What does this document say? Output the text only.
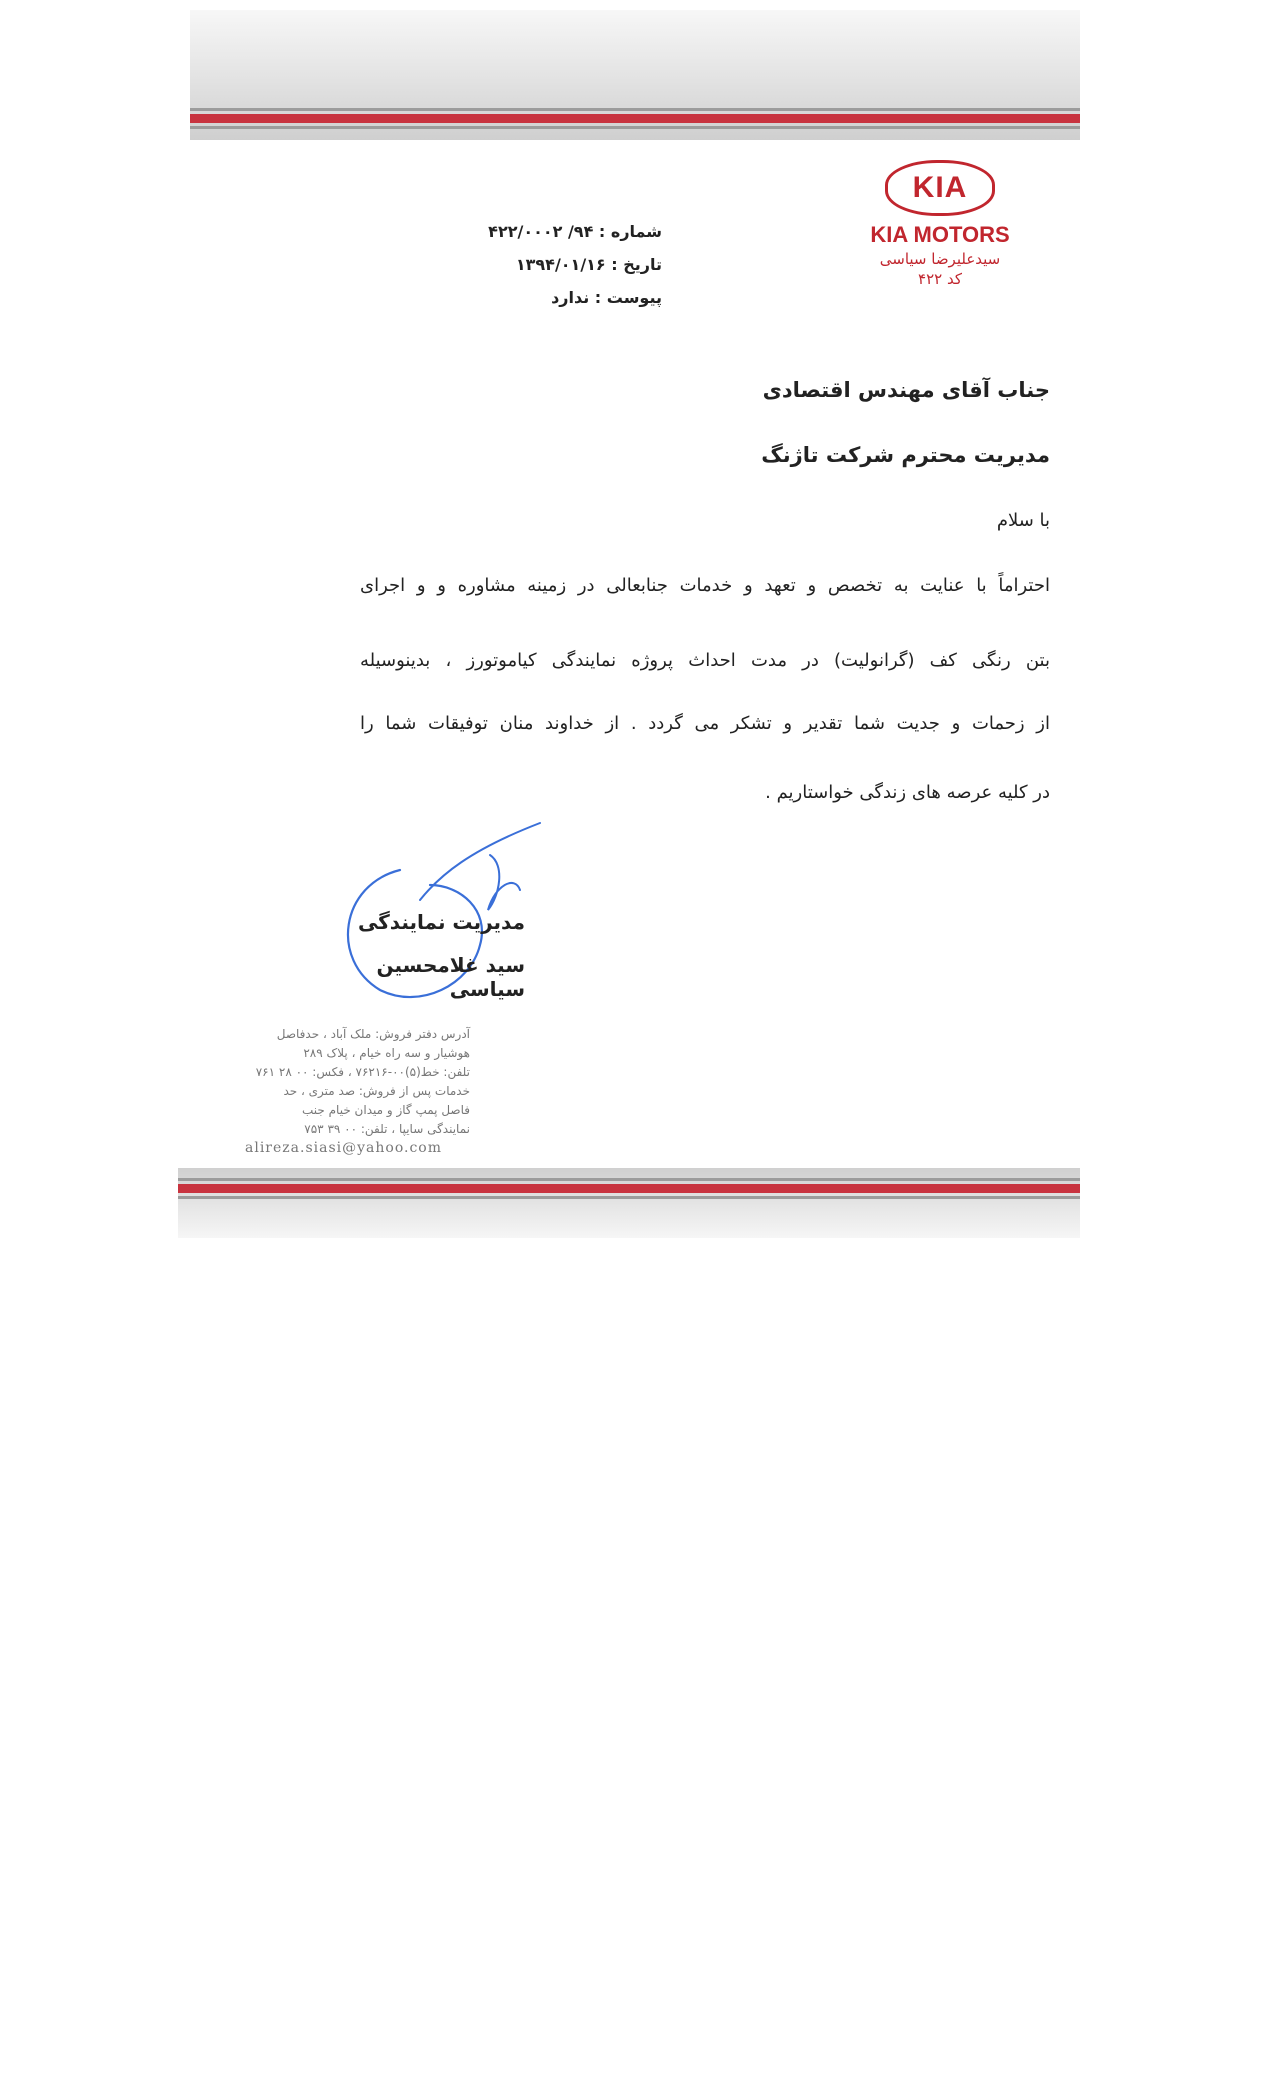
KIA
KIA MOTORS
سیدعلیرضا سیاسی
کد ۴۲۲
شماره : ۹۴/ ۴۲۲/۰۰۰۲
تاریخ : ۱۳۹۴/۰۱/۱۶
پیوست : ندارد
جناب آقای مهندس اقتصادی
مدیریت محترم شرکت تاژنگ
با سلام
احتراماً با عنایت به تخصص و تعهد و خدمات جنابعالی در زمینه مشاوره و و اجرای
بتن رنگی کف (گرانولیت) در مدت احداث پروژه نمایندگی کیاموتورز ، بدینوسیله
از زحمات و جدیت شما تقدیر و تشکر می گردد . از خداوند منان توفیقات شما را
در کلیه عرصه های زندگی خواستاریم .
مدیریت نمایندگی
سید غلامحسین سیاسی
آدرس دفتر فروش: ملک آباد ، حدفاصل
هوشیار و سه راه خیام ، پلاک ۲۸۹
تلفن: خط(۵)۰۰-۷۶۲۱۶ ، فکس: ۰۰ ۲۸ ۷۶۱
خدمات پس از فروش: صد متری ، حد
فاصل پمپ گاز و میدان خیام جنب
نمایندگی سایپا ، تلفن: ۰۰ ۳۹ ۷۵۳
alireza.siasi@yahoo.com
